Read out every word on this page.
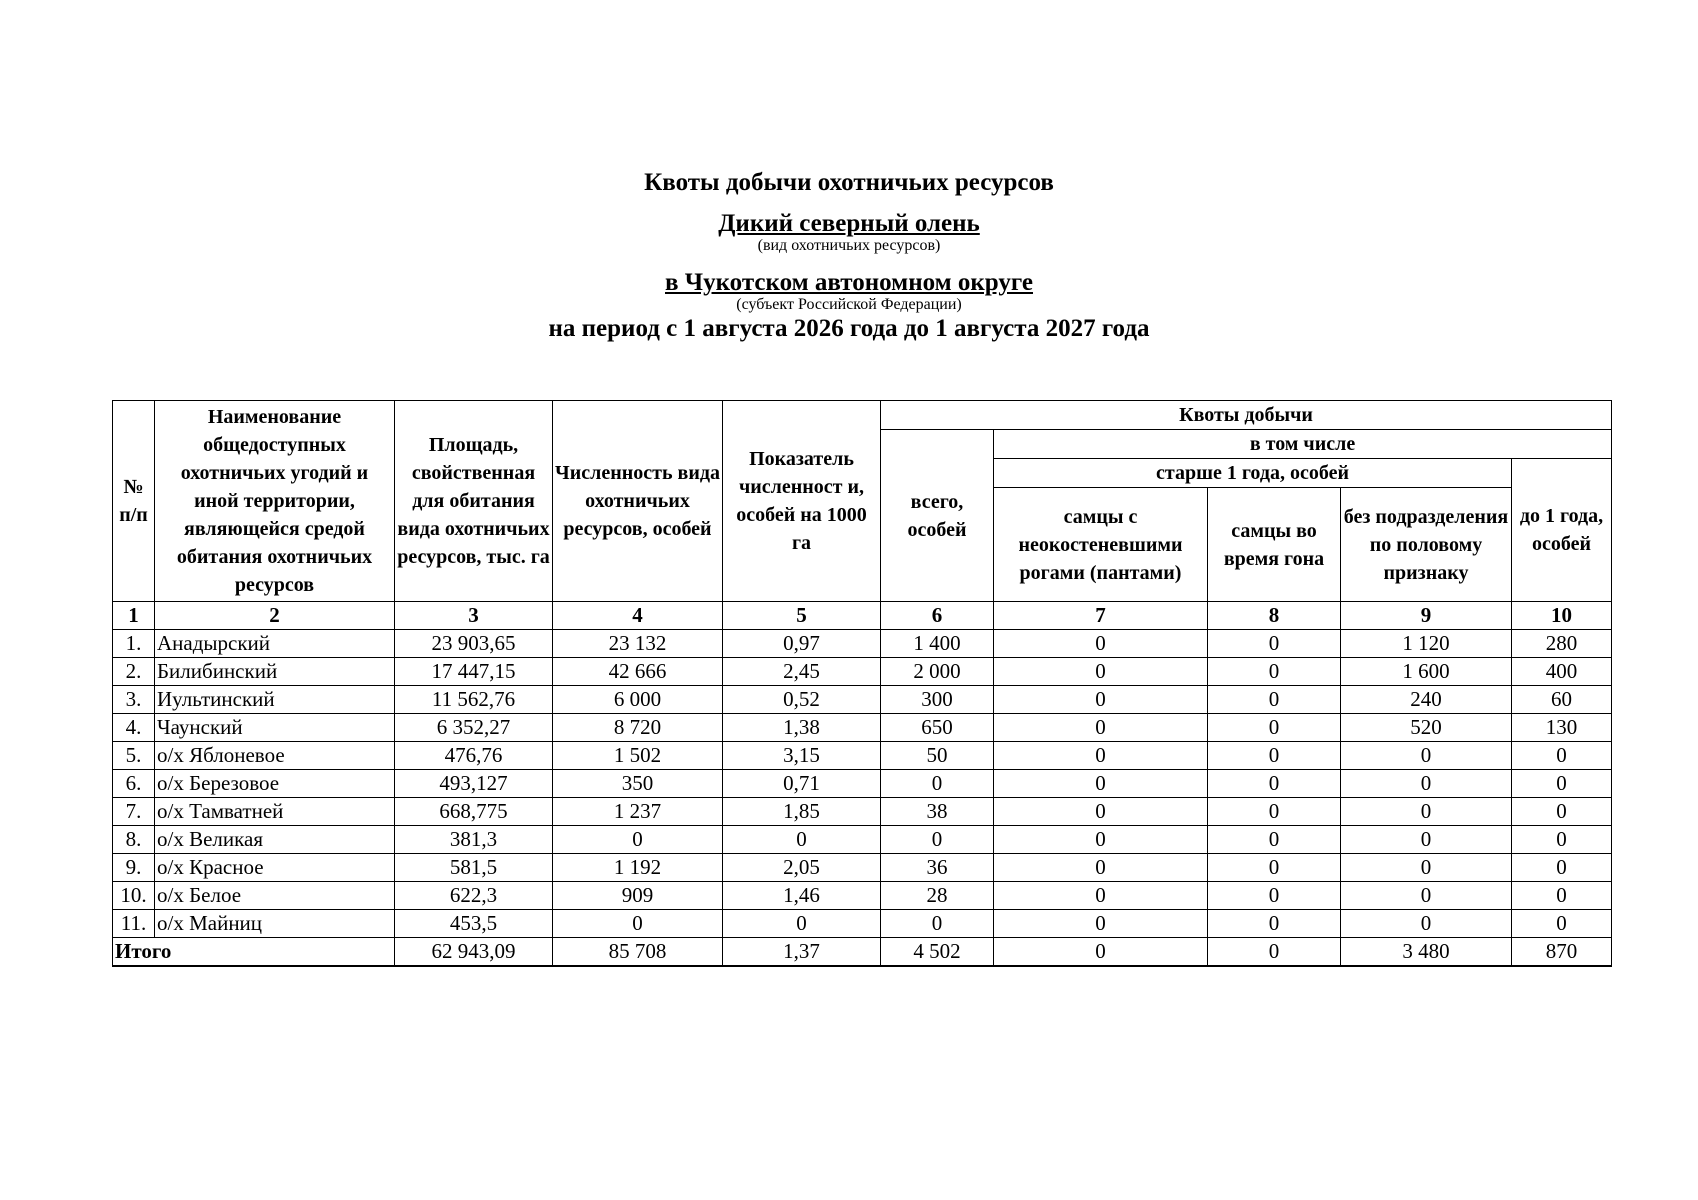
Квоты добычи охотничьих ресурсов
Дикий северный олень
(вид охотничьих ресурсов)
в Чукотском автономном округе
(субъект Российской Федерации)
на период с 1 августа 2026 года до 1 августа 2027 года
№ п/п	Наименование общедоступных охотничьих угодий и иной территории, являющейся средой обитания охотничьих ресурсов	Площадь, свойственная для обитания вида охотничьих ресурсов, тыс. га	Численность вида охотничьих ресурсов, особей	Показатель численност и, особей на 1000 га	Квоты добычи				
					всего, особей	в том числе			
						старше 1 года, особей			до 1 года, особей
						самцы с неокостеневшими рогами (пантами)	самцы во время гона	без подразделения по половому признаку	

1	2	3	4	5	6	7	8	9	10
1.	Анадырский	23 903,65	23 132	0,97	1 400	0	0	1 120	280
2.	Билибинский	17 447,15	42 666	2,45	2 000	0	0	1 600	400
3.	Иультинский	11 562,76	6 000	0,52	300	0	0	240	60
4.	Чаунский	6 352,27	8 720	1,38	650	0	0	520	130
5.	о/х Яблоневое	476,76	1 502	3,15	50	0	0	0	0
6.	о/х Березовое	493,127	350	0,71	0	0	0	0	0
7.	о/х Тамватней	668,775	1 237	1,85	38	0	0	0	0
8.	о/х Великая	381,3	0	0	0	0	0	0	0
9.	о/х Красное	581,5	1 192	2,05	36	0	0	0	0
10.	о/х Белое	622,3	909	1,46	28	0	0	0	0
11.	о/х Майниц	453,5	0	0	0	0	0	0	0
Итого		62 943,09	85 708	1,37	4 502	0	0	3 480	870
